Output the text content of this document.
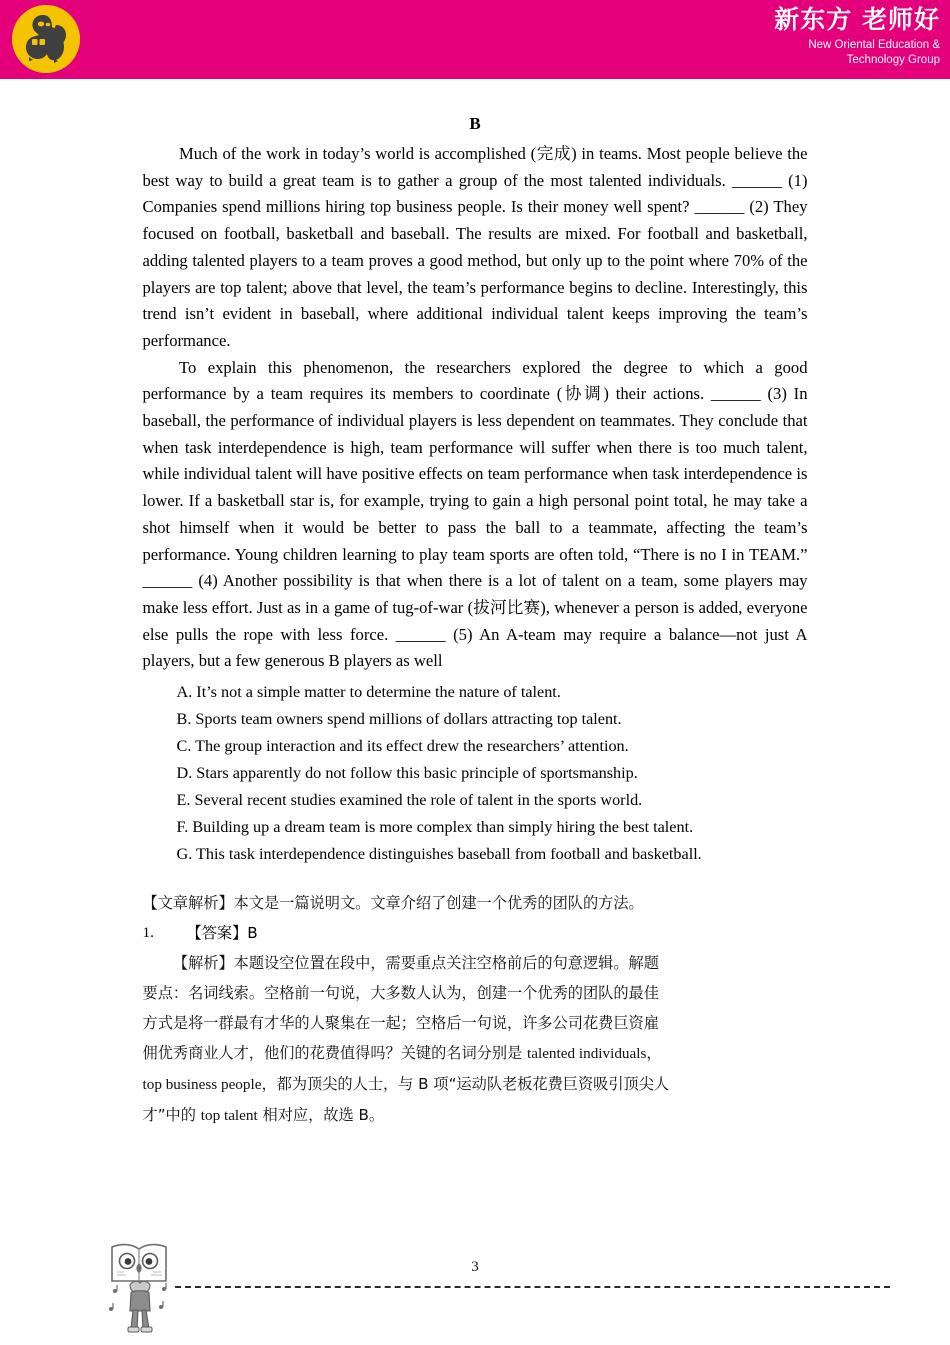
新东方 老师好
New Oriental Education &
Technology Group
B

Much of the work in today’s world is accomplished (完成) in teams. Most people believe the best way to build a great team is to gather a group of the most talented individuals. ______ (1) Companies spend millions hiring top business people. Is their money well spent? ______ (2) They focused on football, basketball and baseball. The results are mixed. For football and basketball, adding talented players to a team proves a good method, but only up to the point where 70% of the players are top talent; above that level, the team’s performance begins to decline. Interestingly, this trend isn’t evident in baseball, where additional individual talent keeps improving the team’s performance.

To explain this phenomenon, the researchers explored the degree to which a good performance by a team requires its members to coordinate (协调) their actions. ______ (3) In baseball, the performance of individual players is less dependent on teammates. They conclude that when task interdependence is high, team performance will suffer when there is too much talent, while individual talent will have positive effects on team performance when task interdependence is lower. If a basketball star is, for example, trying to gain a high personal point total, he may take a shot himself when it would be better to pass the ball to a teammate, affecting the team’s performance. Young children learning to play team sports are often told, “There is no I in TEAM.” ______ (4) Another possibility is that when there is a lot of talent on a team, some players may make less effort. Just as in a game of tug-of-war (拔河比赛), whenever a person is added, everyone else pulls the rope with less force. ______ (5) An A-team may require a balance—not just A players, but a few generous B players as well

A. It’s not a simple matter to determine the nature of talent.

B. Sports team owners spend millions of dollars attracting top talent.

C. The group interaction and its effect drew the researchers’ attention.

D. Stars apparently do not follow this basic principle of sportsmanship.

E. Several recent studies examined the role of talent in the sports world.

F. Building up a dream team is more complex than simply hiring the best talent.

G. This task interdependence distinguishes baseball from football and basketball.

【文章解析】本文是一篇说明文。文章介绍了创建一个优秀的团队的方法。

1.	【答案】B

【解析】本题设空位置在段中，需要重点关注空格前后的句意逻辑。解题

要点：名词线索。空格前一句说，大多数人认为，创建一个优秀的团队的最佳

方式是将一群最有才华的人聚集在一起；空格后一句说，许多公司花费巨资雇

佣优秀商业人才，他们的花费值得吗？关键的名词分别是 talented individuals，

top business people，都为顶尖的人士，与 B 项“运动队老板花费巨资吸引顶尖人

才”中的 top talent 相对应，故选 B。

3
